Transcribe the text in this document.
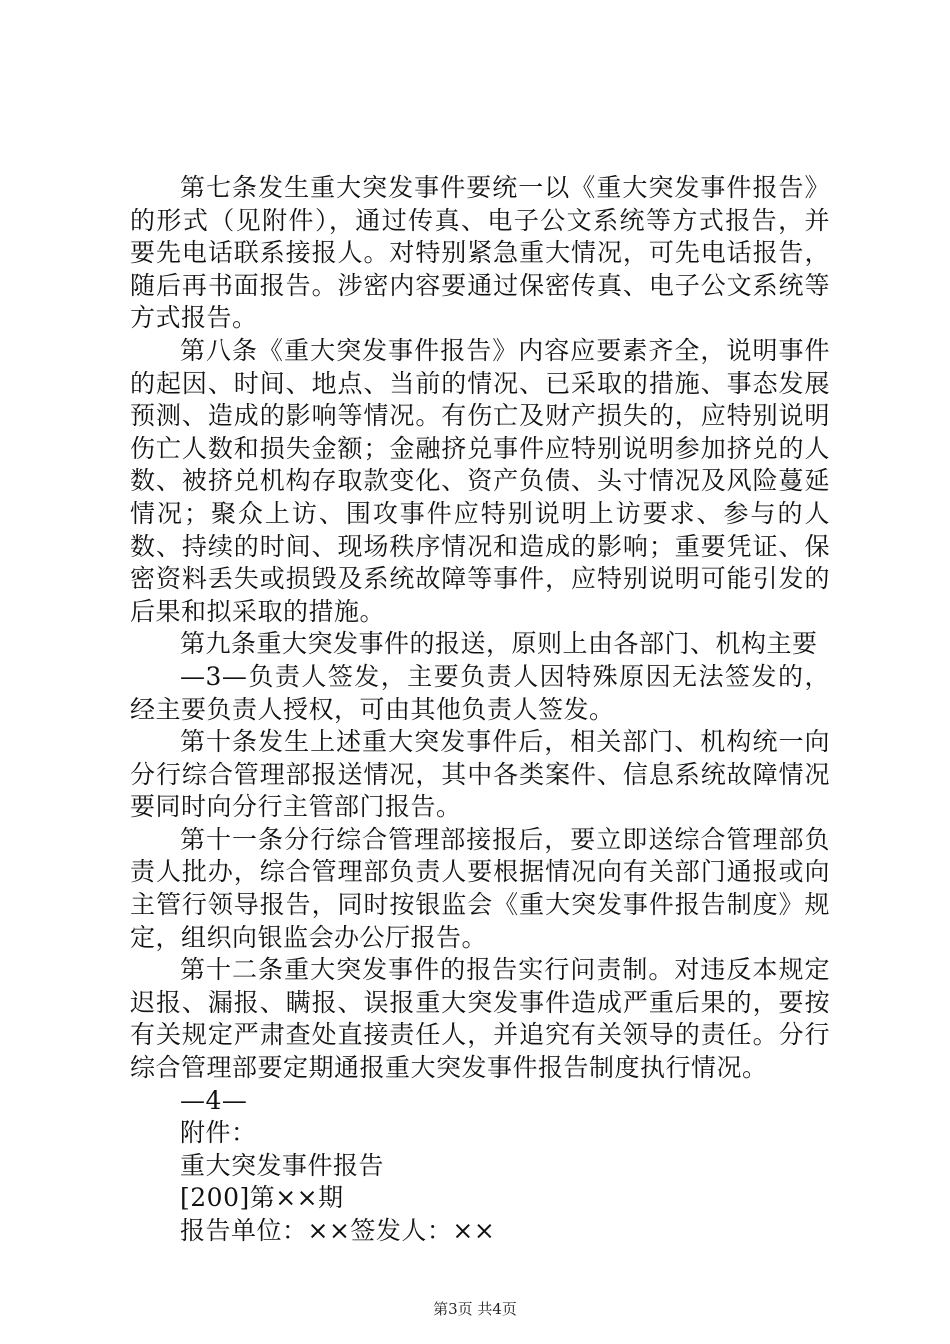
第七条发生重大突发事件要统一以《重大突发事件报告》的形式（见附件），通过传真、电子公文系统等方式报告，并要先电话联系接报人。对特别紧急重大情况，可先电话报告，随后再书面报告。涉密内容要通过保密传真、电子公文系统等方式报告。

第八条《重大突发事件报告》内容应要素齐全，说明事件的起因、时间、地点、当前的情况、已采取的措施、事态发展预测、造成的影响等情况。有伤亡及财产损失的，应特别说明伤亡人数和损失金额；金融挤兑事件应特别说明参加挤兑的人数、被挤兑机构存取款变化、资产负债、头寸情况及风险蔓延情况；聚众上访、围攻事件应特别说明上访要求、参与的人数、持续的时间、现场秩序情况和造成的影响；重要凭证、保密资料丢失或损毁及系统故障等事件，应特别说明可能引发的后果和拟采取的措施。

第九条重大突发事件的报送，原则上由各部门、机构主要

—3—负责人签发，主要负责人因特殊原因无法签发的，经主要负责人授权，可由其他负责人签发。

第十条发生上述重大突发事件后，相关部门、机构统一向分行综合管理部报送情况，其中各类案件、信息系统故障情况要同时向分行主管部门报告。

第十一条分行综合管理部接报后，要立即送综合管理部负责人批办，综合管理部负责人要根据情况向有关部门通报或向主管行领导报告，同时按银监会《重大突发事件报告制度》规定，组织向银监会办公厅报告。

第十二条重大突发事件的报告实行问责制。对违反本规定迟报、漏报、瞒报、误报重大突发事件造成严重后果的，要按有关规定严肃查处直接责任人，并追究有关领导的责任。分行综合管理部要定期通报重大突发事件报告制度执行情况。

—4—

附件：

重大突发事件报告

[200]第××期

报告单位：××签发人：××

第3页 共4页
